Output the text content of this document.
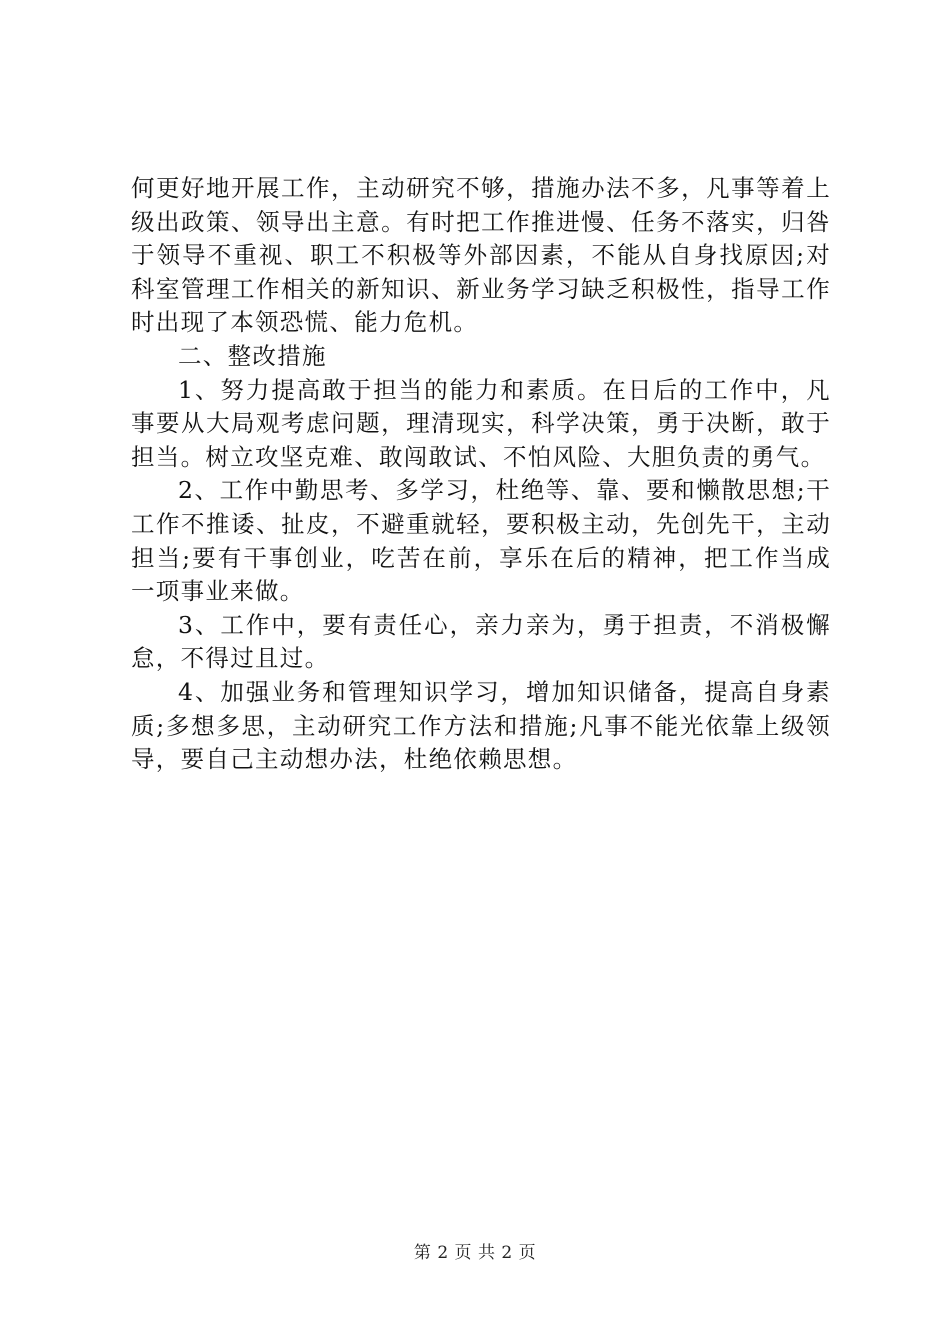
何更好地开展工作，主动研究不够，措施办法不多，凡事等着上级出政策、领导出主意。有时把工作推进慢、任务不落实，归咎于领导不重视、职工不积极等外部因素，不能从自身找原因;对科室管理工作相关的新知识、新业务学习缺乏积极性，指导工作时出现了本领恐慌、能力危机。

二、整改措施

1、努力提高敢于担当的能力和素质。在日后的工作中，凡事要从大局观考虑问题，理清现实，科学决策，勇于决断，敢于担当。树立攻坚克难、敢闯敢试、不怕风险、大胆负责的勇气。

2、工作中勤思考、多学习，杜绝等、靠、要和懒散思想;干工作不推诿、扯皮，不避重就轻，要积极主动，先创先干，主动担当;要有干事创业，吃苦在前，享乐在后的精神，把工作当成一项事业来做。

3、工作中，要有责任心，亲力亲为，勇于担责，不消极懈怠，不得过且过。

4、加强业务和管理知识学习，增加知识储备，提高自身素质;多想多思，主动研究工作方法和措施;凡事不能光依靠上级领导，要自己主动想办法，杜绝依赖思想。

第 2 页 共 2 页
